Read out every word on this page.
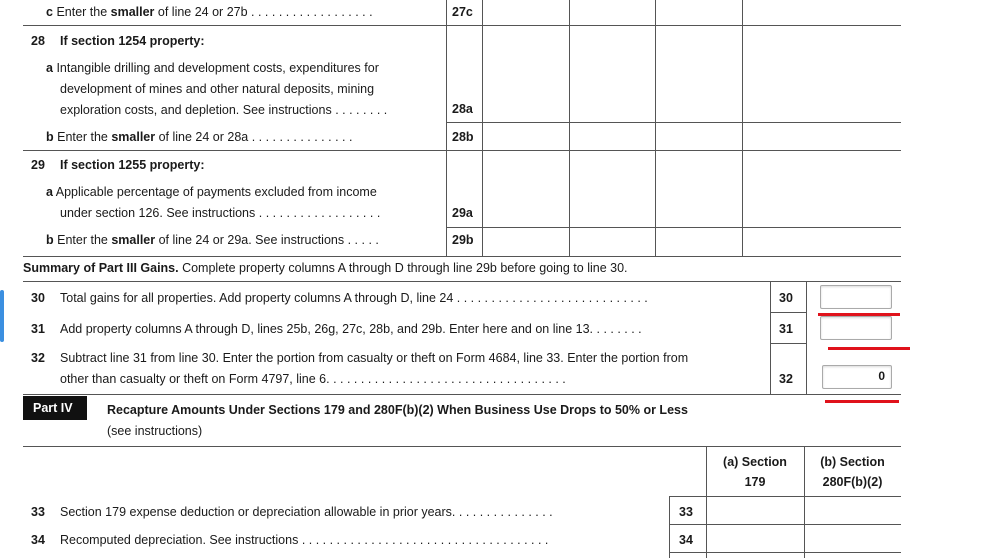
c Enter the smaller of line 24 or 27b . . . . . . . . . . . . . . . . . .	27c
28 If section 1254 property:
a Intangible drilling and development costs, expenditures for
development of mines and other natural deposits, mining
exploration costs, and depletion. See instructions . . . . . . . .	28a
b Enter the smaller of line 24 or 28a . . . . . . . . . . . . . . .	28b
29 If section 1255 property:
a Applicable percentage of payments excluded from income
under section 126. See instructions . . . . . . . . . . . . . . . . . .	29a
b Enter the smaller of line 24 or 29a. See instructions . . . . .	29b
Summary of Part III Gains. Complete property columns A through D through line 29b before going to line 30.
30 Total gains for all properties. Add property columns A through D, line 24 . . . . . . . . . . . . . . . . . . . . . . . . . . . .	30
31 Add property columns A through D, lines 25b, 26g, 27c, 28b, and 29b. Enter here and on line 13. . . . . . . .	31
32 Subtract line 31 from line 30. Enter the portion from casualty or theft on Form 4684, line 33. Enter the portion from
other than casualty or theft on Form 4797, line 6. . . . . . . . . . . . . . . . . . . . . . . . . . . . . . . . . . .	32	0
Part IV	Recapture Amounts Under Sections 179 and 280F(b)(2) When Business Use Drops to 50% or Less
(see instructions)
(a) Section
179
(b) Section
280F(b)(2)
33 Section 179 expense deduction or depreciation allowable in prior years. . . . . . . . . . . . . . .	33
34 Recomputed depreciation. See instructions . . . . . . . . . . . . . . . . . . . . . . . . . . . . . . . . . . . .	34
